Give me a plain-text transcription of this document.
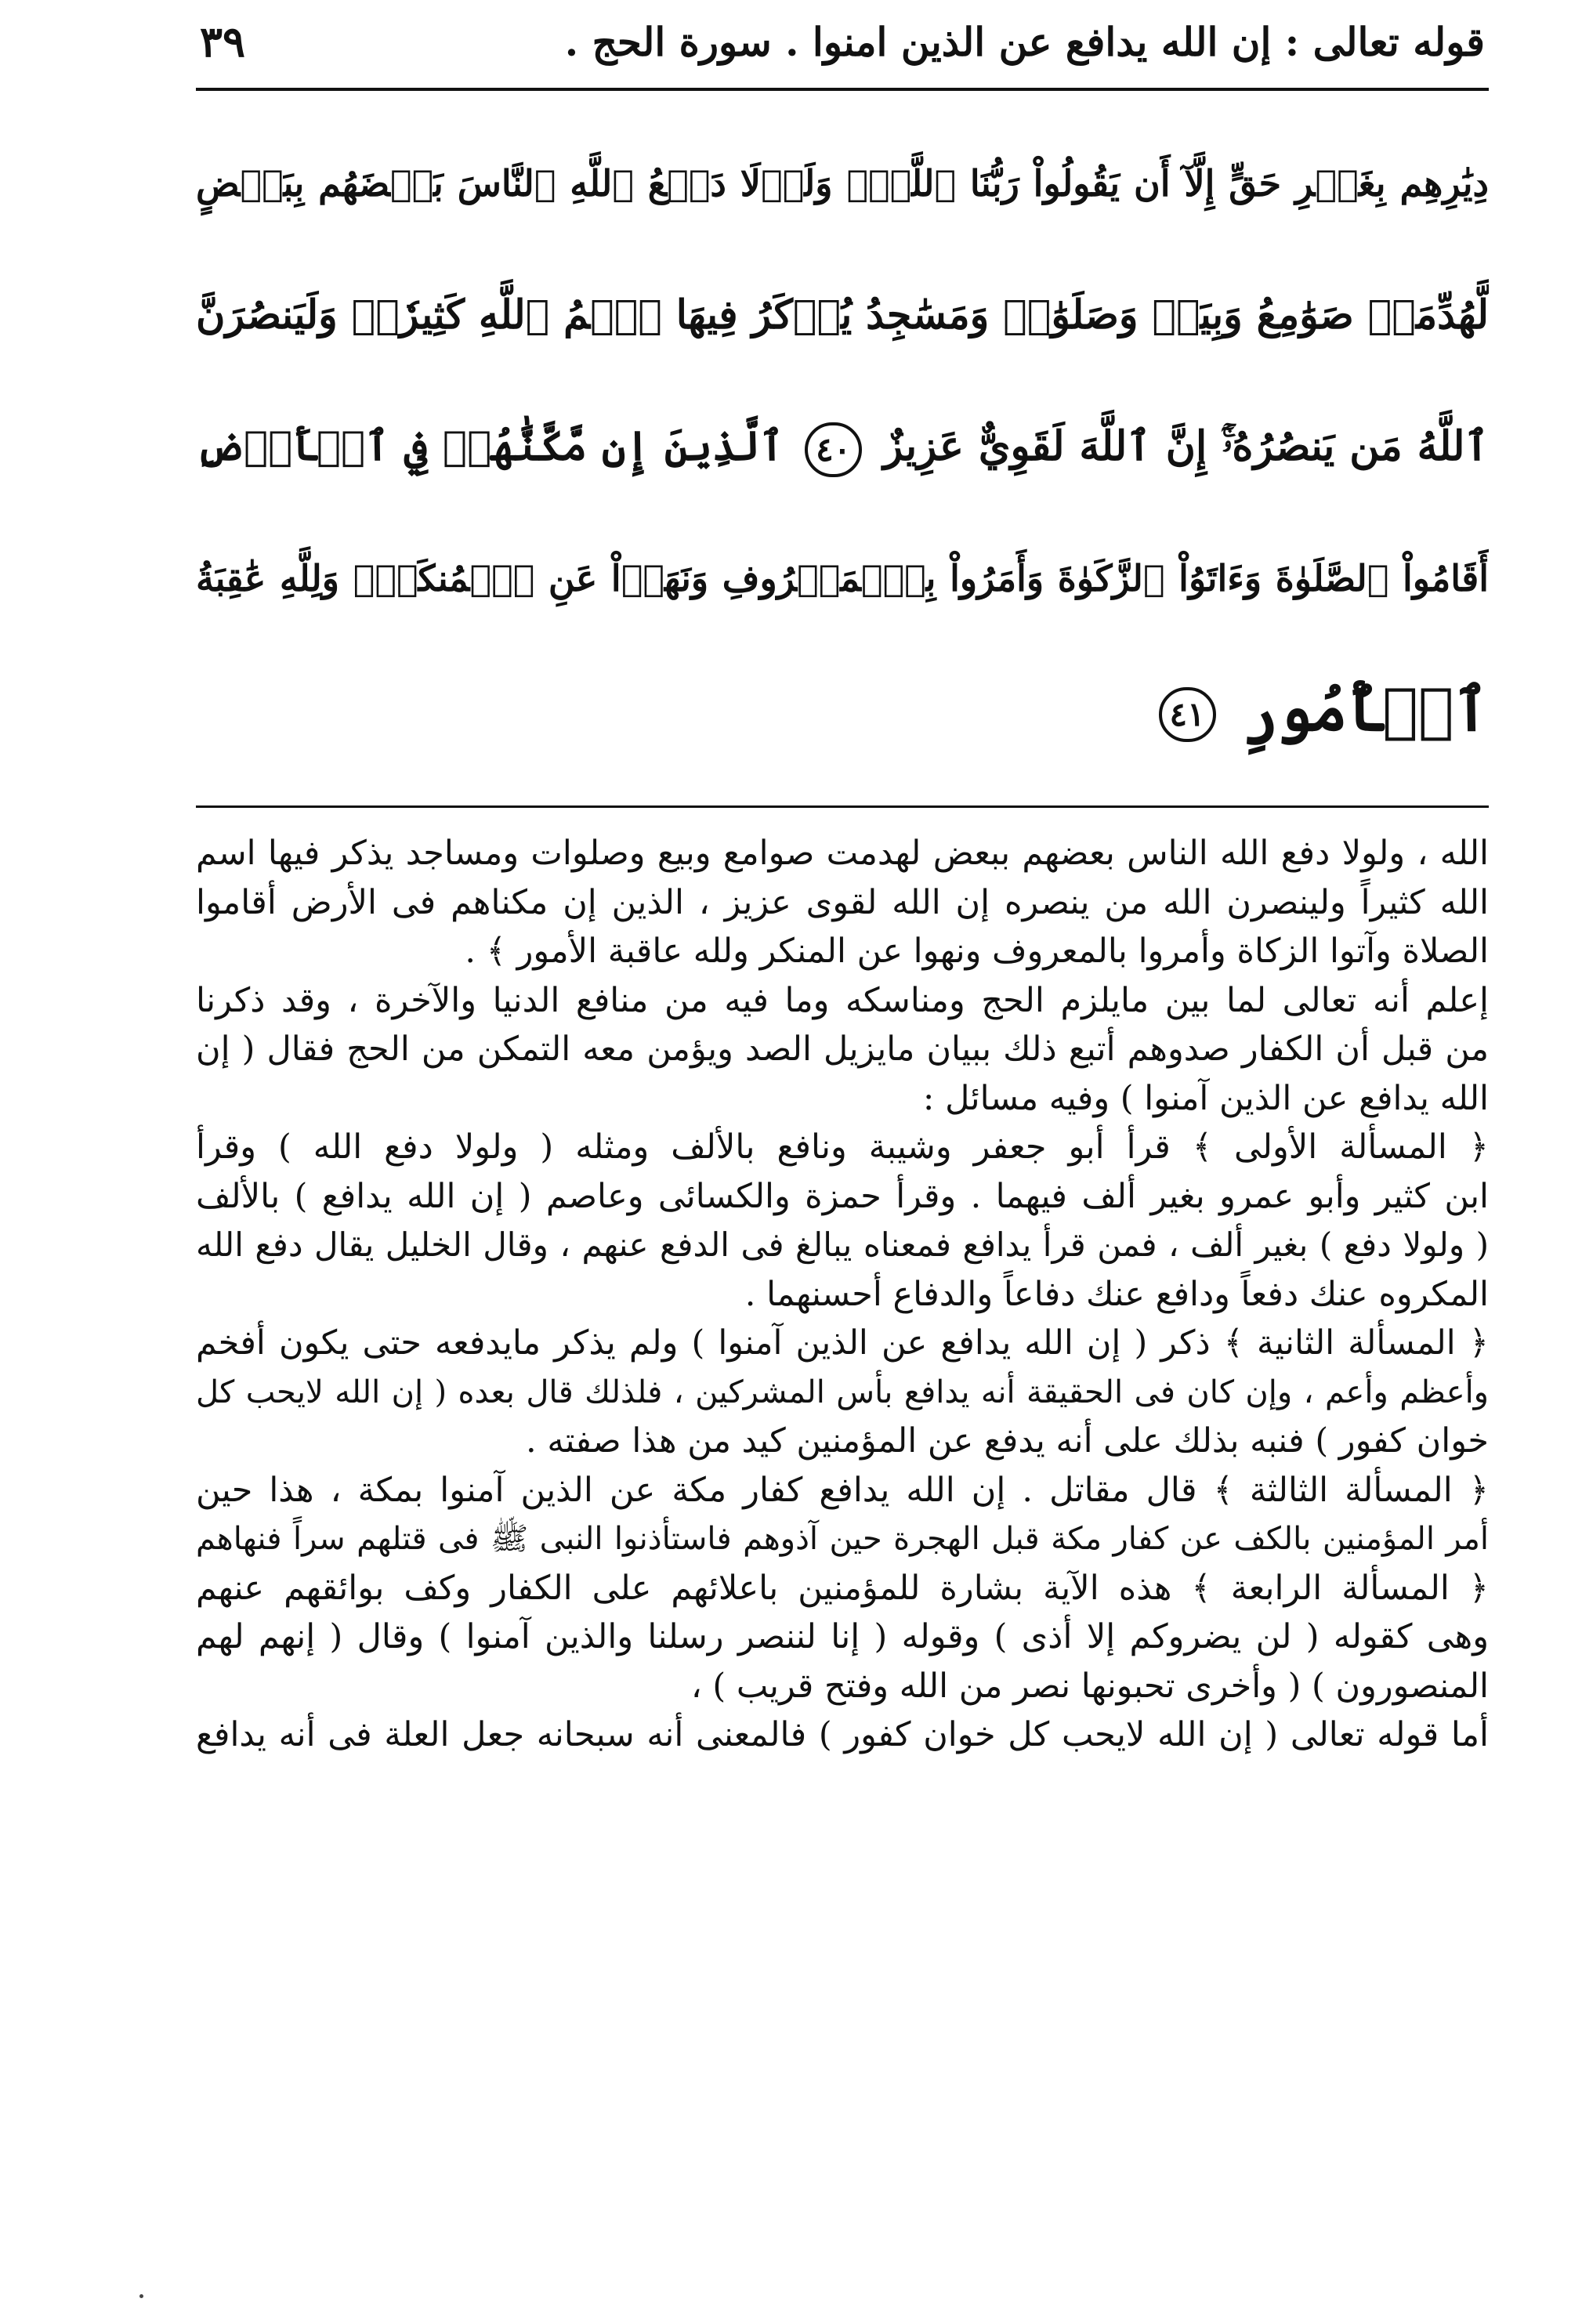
قوله تعالى : إن الله يدافع عن الذين امنوا . سورة الحج .
٣٩
دِيَٰرِهِم بِغَيۡرِ حَقٍّ إِلَّآ أَن يَقُولُواْ رَبُّنَا ٱللَّهُۗ وَلَوۡلَا دَفۡعُ ٱللَّهِ ٱلنَّاسَ بَعۡضَهُم بِبَعۡضٍ
لَّهُدِّمَتۡ صَوَٰمِعُ وَبِيَعٞ وَصَلَوَٰتٞ وَمَسَٰجِدُ يُذۡكَرُ فِيهَا ٱسۡمُ ٱللَّهِ كَثِيرٗاۗ وَلَيَنصُرَنَّ
ٱللَّهُ مَن يَنصُرُهُۥٓۚ إِنَّ ٱللَّهَ لَقَوِيٌّ عَزِيزٌ ٤٠ ٱلَّذِينَ إِن مَّكَّنَّٰهُمۡ فِي ٱلۡأَرۡضِ
أَقَامُواْ ٱلصَّلَوٰةَ وَءَاتَوُاْ ٱلزَّكَوٰةَ وَأَمَرُواْ بِٱلۡمَعۡرُوفِ وَنَهَوۡاْ عَنِ ٱلۡمُنكَرِۗ وَلِلَّهِ عَٰقِبَةُ
ٱلۡأُمُورِ ٤١
الله ، ولولا دفع الله الناس بعضهم ببعض لهدمت صوامع وبيع وصلوات ومساجد يذكر فيها اسم
الله كثيراً ولينصرن الله من ينصره إن الله لقوى عزيز ، الذين إن مكناهم فى الأرض أقاموا
الصلاة وآتوا الزكاة وأمروا بالمعروف ونهوا عن المنكر ولله عاقبة الأمور ﴾ .
إعلم أنه تعالى لما بين مايلزم الحج ومناسكه وما فيه من منافع الدنيا والآخرة ، وقد ذكرنا
من قبل أن الكفار صدوهم أتبع ذلك ببيان مايزيل الصد ويؤمن معه التمكن من الحج فقال ( إن
الله يدافع عن الذين آمنوا ) وفيه مسائل :
﴿ المسألة الأولى ﴾ قرأ أبو جعفر وشيبة ونافع بالألف ومثله ( ولولا دفع الله ) وقرأ
ابن كثير وأبو عمرو بغير ألف فيهما . وقرأ حمزة والكسائى وعاصم ( إن الله يدافع ) بالألف
( ولولا دفع ) بغير ألف ، فمن قرأ يدافع فمعناه يبالغ فى الدفع عنهم ، وقال الخليل يقال دفع الله
المكروه عنك دفعاً ودافع عنك دفاعاً والدفاع أحسنهما .
﴿ المسألة الثانية ﴾ ذكر ( إن الله يدافع عن الذين آمنوا ) ولم يذكر مايدفعه حتى يكون أفخم
وأعظم وأعم ، وإن كان فى الحقيقة أنه يدافع بأس المشركين ، فلذلك قال بعده ( إن الله لايحب كل
خوان كفور ) فنبه بذلك على أنه يدفع عن المؤمنين كيد من هذا صفته .
﴿ المسألة الثالثة ﴾ قال مقاتل . إن الله يدافع كفار مكة عن الذين آمنوا بمكة ، هذا حين
أمر المؤمنين بالكف عن كفار مكة قبل الهجرة حين آذوهم فاستأذنوا النبى ﷺ فى قتلهم سراً فنهاهم
﴿ المسألة الرابعة ﴾ هذه الآية بشارة للمؤمنين باعلائهم على الكفار وكف بوائقهم عنهم
وهى كقوله ( لن يضروكم إلا أذى ) وقوله ( إنا لننصر رسلنا والذين آمنوا ) وقال ( إنهم لهم
المنصورون ) ( وأخرى تحبونها نصر من الله وفتح قريب ) ،
أما قوله تعالى ( إن الله لايحب كل خوان كفور ) فالمعنى أنه سبحانه جعل العلة فى أنه يدافع
